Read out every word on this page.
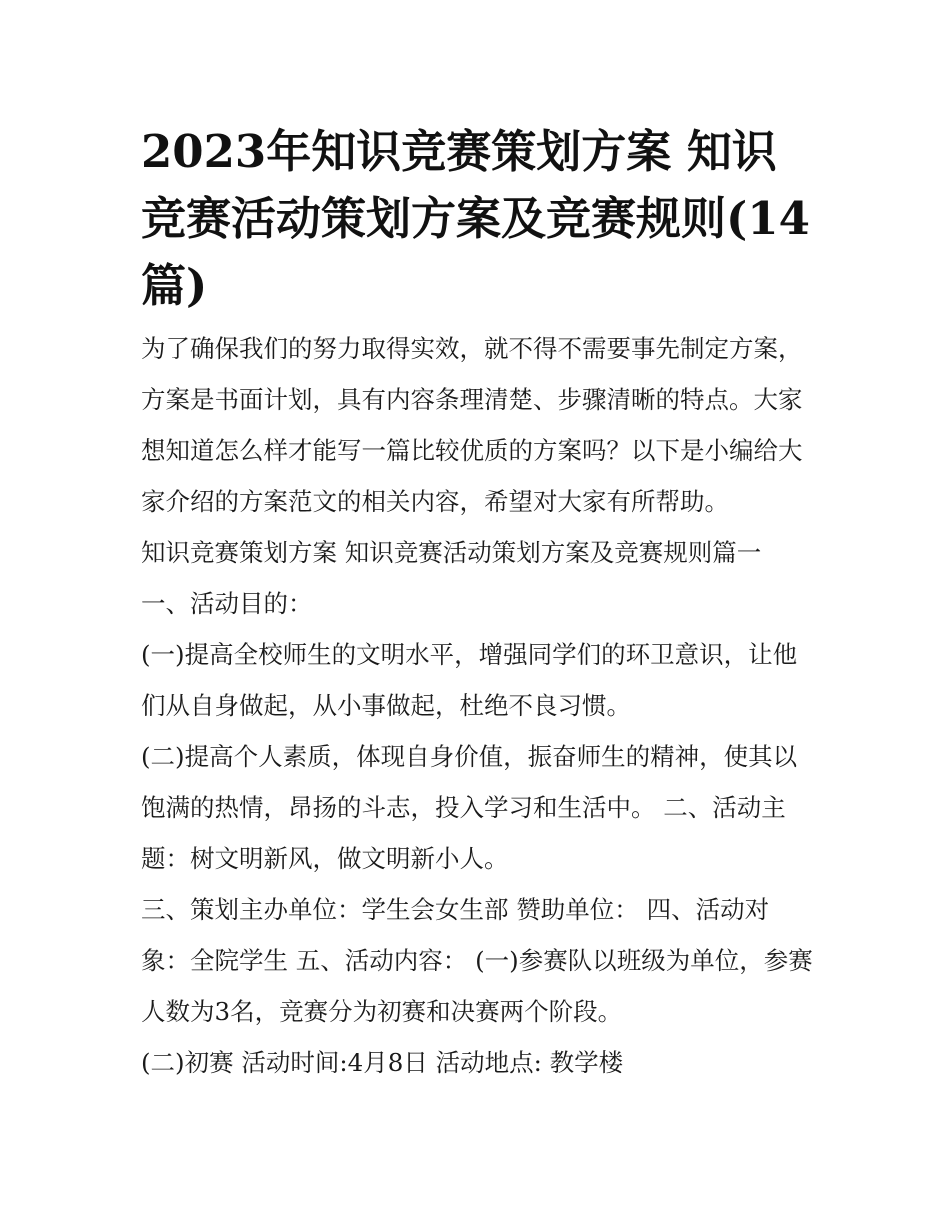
2023年知识竞赛策划方案 知识竞赛活动策划方案及竞赛规则(14篇)

为了确保我们的努力取得实效，就不得不需要事先制定方案，方案是书面计划，具有内容条理清楚、步骤清晰的特点。大家想知道怎么样才能写一篇比较优质的方案吗？以下是小编给大家介绍的方案范文的相关内容，希望对大家有所帮助。

知识竞赛策划方案 知识竞赛活动策划方案及竞赛规则篇一 一、活动目的：

(一)提高全校师生的文明水平，增强同学们的环卫意识，让他们从自身做起，从小事做起，杜绝不良习惯。

(二)提高个人素质，体现自身价值，振奋师生的精神，使其以饱满的热情，昂扬的斗志，投入学习和生活中。 二、活动主题：树文明新风，做文明新小人。

三、策划主办单位：学生会女生部 赞助单位： 四、活动对象：全院学生 五、活动内容： (一)参赛队以班级为单位，参赛人数为3名，竞赛分为初赛和决赛两个阶段。

(二)初赛 活动时间:4月8日 活动地点: 教学楼
